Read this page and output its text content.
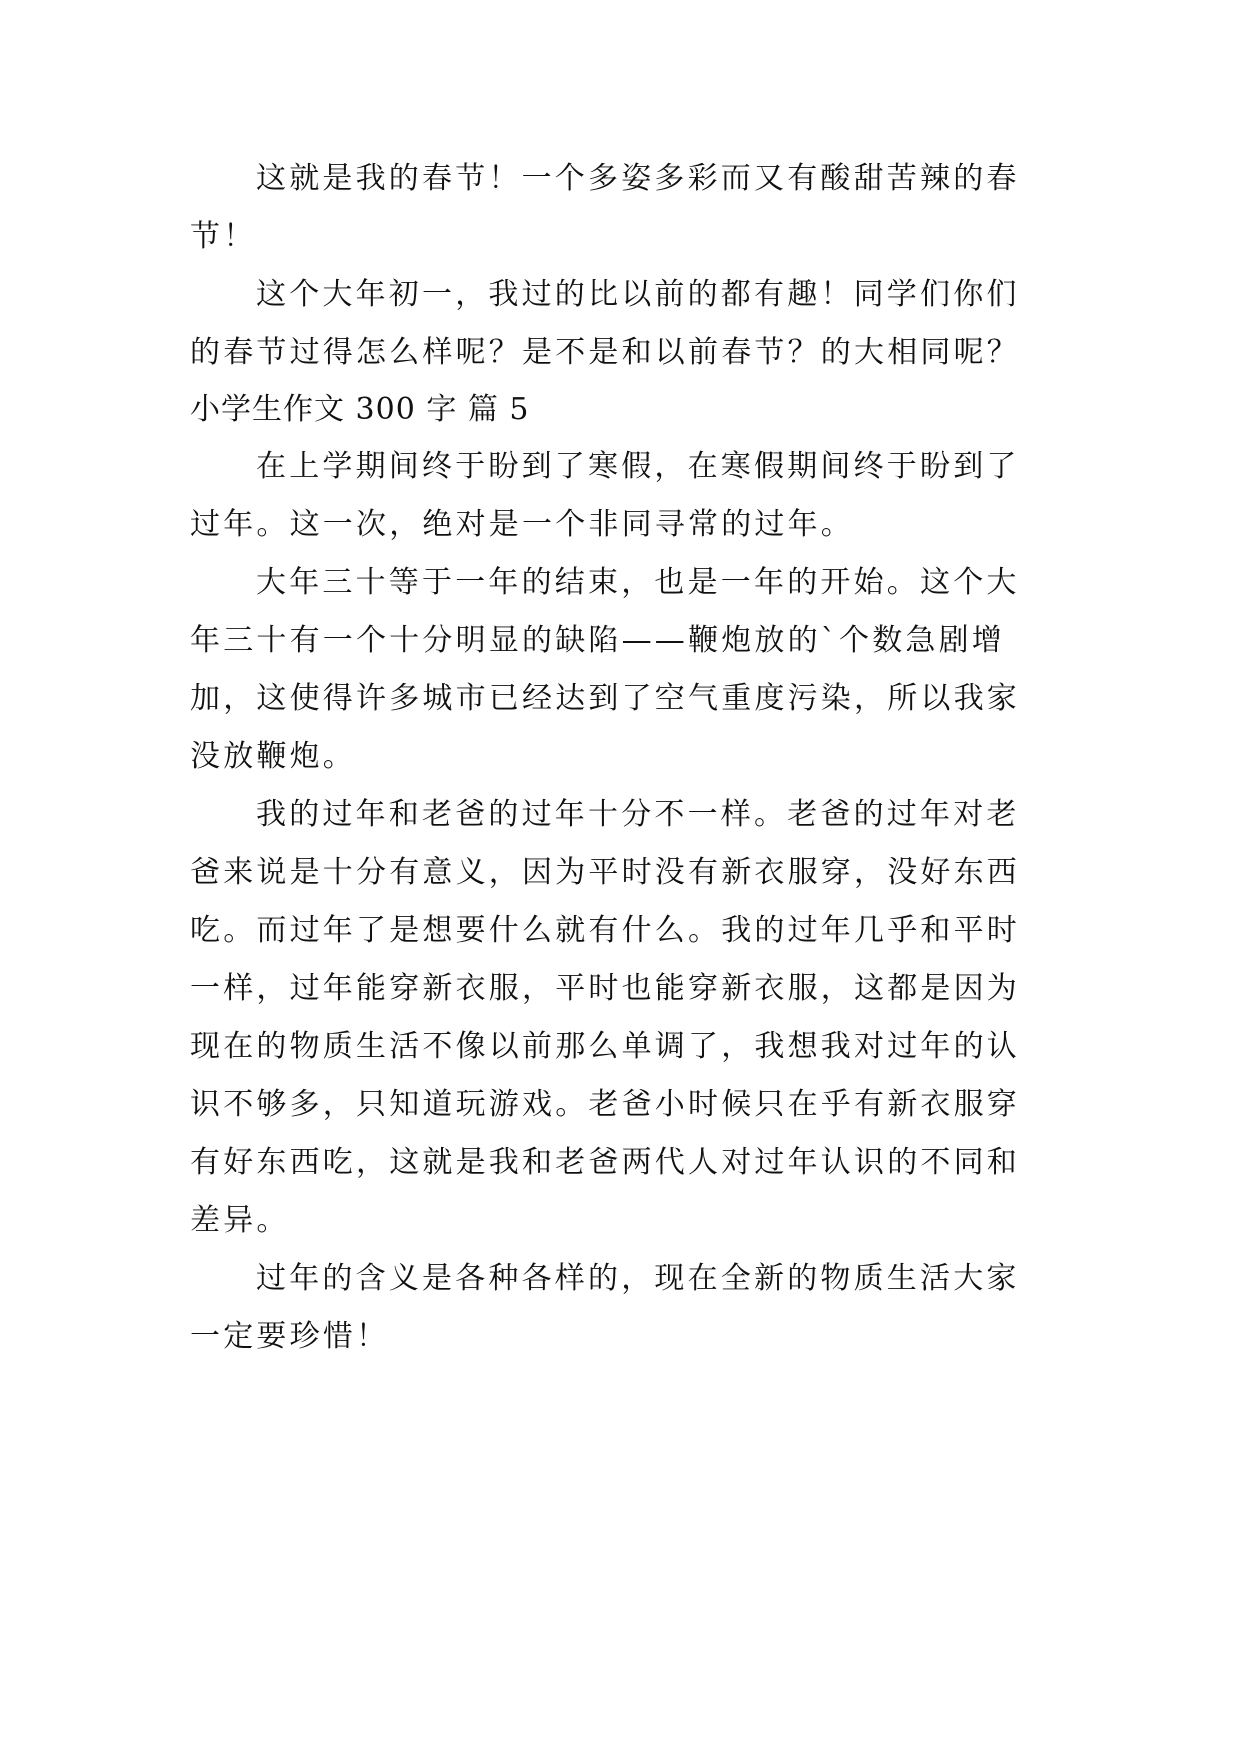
这就是我的春节！一个多姿多彩而又有酸甜苦辣的春节！

这个大年初一，我过的比以前的都有趣！同学们你们的春节过得怎么样呢？是不是和以前春节？的大相同呢？

小学生作文 300 字 篇 5

在上学期间终于盼到了寒假，在寒假期间终于盼到了过年。这一次，绝对是一个非同寻常的过年。

大年三十等于一年的结束，也是一年的开始。这个大年三十有一个十分明显的缺陷——鞭炮放的`个数急剧增加，这使得许多城市已经达到了空气重度污染，所以我家没放鞭炮。

我的过年和老爸的过年十分不一样。老爸的过年对老爸来说是十分有意义，因为平时没有新衣服穿，没好东西吃。而过年了是想要什么就有什么。我的过年几乎和平时一样，过年能穿新衣服，平时也能穿新衣服，这都是因为现在的物质生活不像以前那么单调了，我想我对过年的认识不够多，只知道玩游戏。老爸小时候只在乎有新衣服穿有好东西吃，这就是我和老爸两代人对过年认识的不同和差异。

过年的含义是各种各样的，现在全新的物质生活大家一定要珍惜！
